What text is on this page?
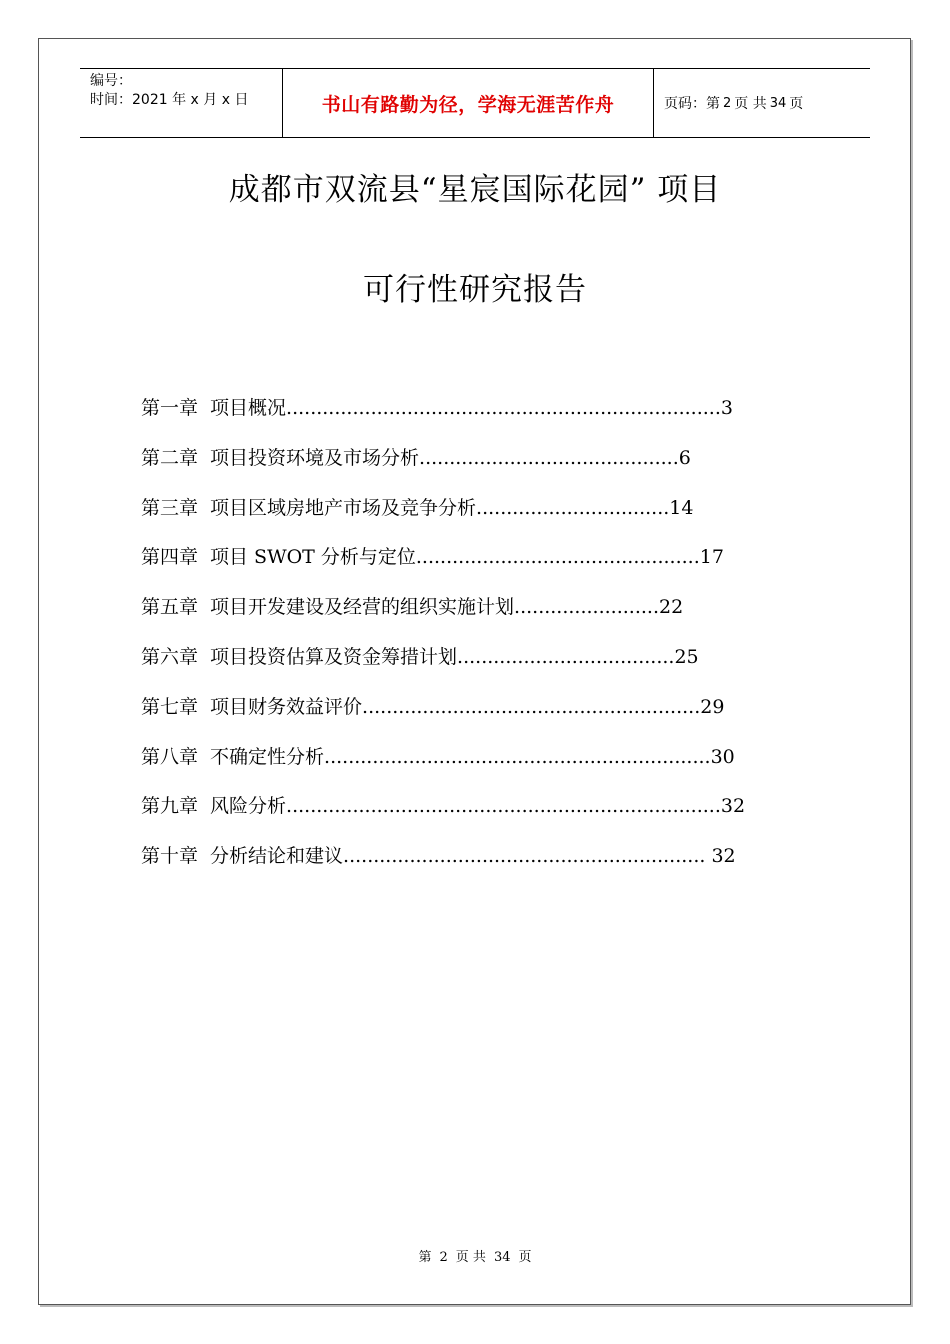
编号：
时间：2021 年 x 月 x 日	书山有路勤为径，学海无涯苦作舟	页码：第 2 页 共 34 页
成都市双流县“星宸国际花园” 项目
可行性研究报告
第一章 项目概况........................................................................3
第二章 项目投资环境及市场分析...........................................6
第三章 项目区域房地产市场及竞争分析................................14
第四章 项目 SWOT 分析与定位...............................................17
第五章 项目开发建设及经营的组织实施计划........................22
第六章 项目投资估算及资金筹措计划....................................25
第七章 项目财务效益评价........................................................29
第八章 不确定性分析................................................................30
第九章 风险分析........................................................................32
第十章 分析结论和建议............................................................ 32
第 2 页 共 34 页
